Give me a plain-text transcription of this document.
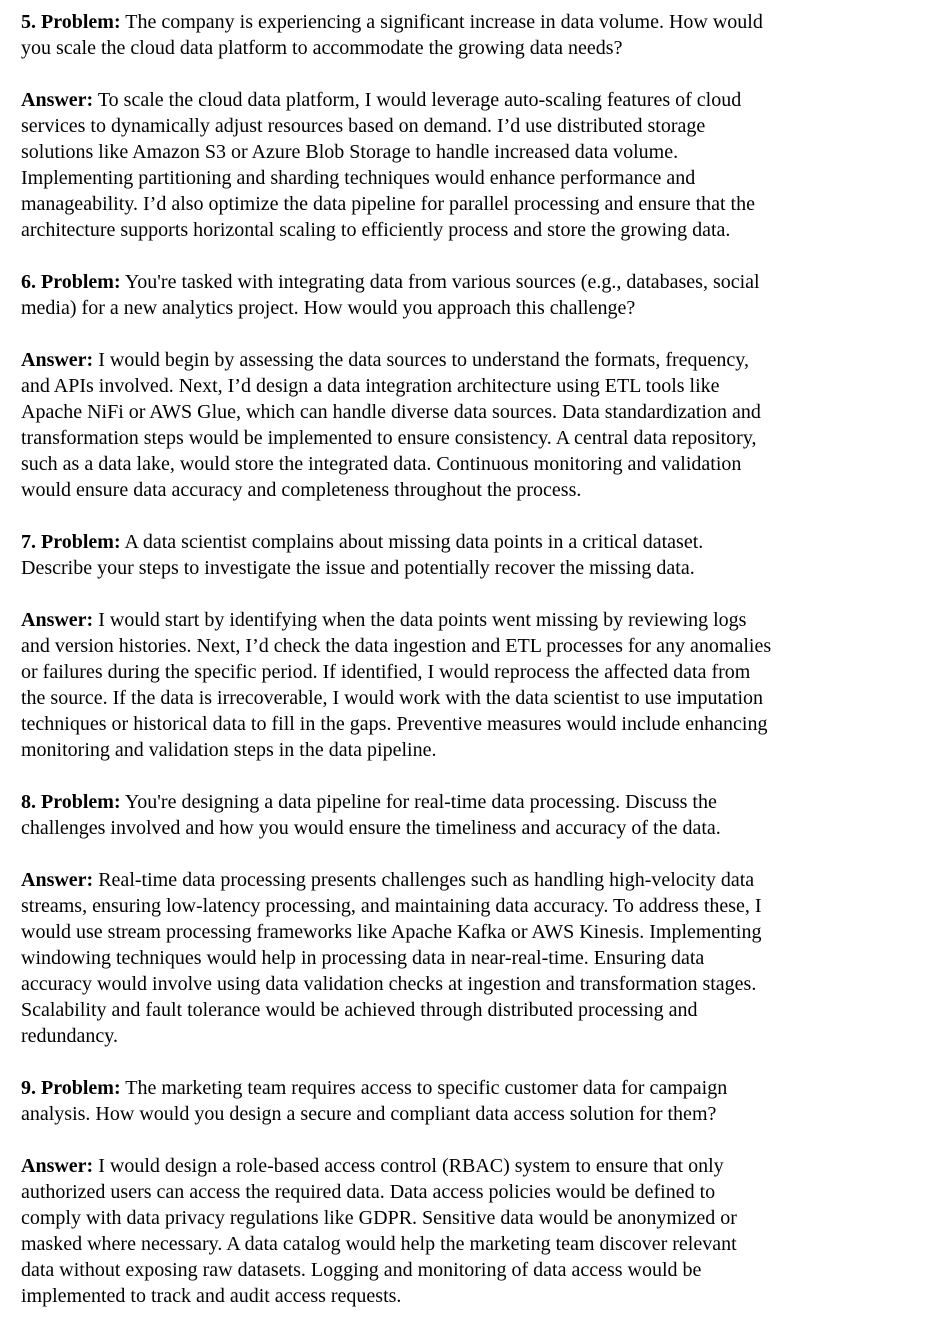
5. Problem: The company is experiencing a significant increase in data volume. How would
you scale the cloud data platform to accommodate the growing data needs?

Answer: To scale the cloud data platform, I would leverage auto-scaling features of cloud
services to dynamically adjust resources based on demand. I’d use distributed storage
solutions like Amazon S3 or Azure Blob Storage to handle increased data volume.
Implementing partitioning and sharding techniques would enhance performance and
manageability. I’d also optimize the data pipeline for parallel processing and ensure that the
architecture supports horizontal scaling to efficiently process and store the growing data.

6. Problem: You're tasked with integrating data from various sources (e.g., databases, social
media) for a new analytics project. How would you approach this challenge?

Answer: I would begin by assessing the data sources to understand the formats, frequency,
and APIs involved. Next, I’d design a data integration architecture using ETL tools like
Apache NiFi or AWS Glue, which can handle diverse data sources. Data standardization and
transformation steps would be implemented to ensure consistency. A central data repository,
such as a data lake, would store the integrated data. Continuous monitoring and validation
would ensure data accuracy and completeness throughout the process.

7. Problem: A data scientist complains about missing data points in a critical dataset.
Describe your steps to investigate the issue and potentially recover the missing data.

Answer: I would start by identifying when the data points went missing by reviewing logs
and version histories. Next, I’d check the data ingestion and ETL processes for any anomalies
or failures during the specific period. If identified, I would reprocess the affected data from
the source. If the data is irrecoverable, I would work with the data scientist to use imputation
techniques or historical data to fill in the gaps. Preventive measures would include enhancing
monitoring and validation steps in the data pipeline.

8. Problem: You're designing a data pipeline for real-time data processing. Discuss the
challenges involved and how you would ensure the timeliness and accuracy of the data.

Answer: Real-time data processing presents challenges such as handling high-velocity data
streams, ensuring low-latency processing, and maintaining data accuracy. To address these, I
would use stream processing frameworks like Apache Kafka or AWS Kinesis. Implementing
windowing techniques would help in processing data in near-real-time. Ensuring data
accuracy would involve using data validation checks at ingestion and transformation stages.
Scalability and fault tolerance would be achieved through distributed processing and
redundancy.

9. Problem: The marketing team requires access to specific customer data for campaign
analysis. How would you design a secure and compliant data access solution for them?

Answer: I would design a role-based access control (RBAC) system to ensure that only
authorized users can access the required data. Data access policies would be defined to
comply with data privacy regulations like GDPR. Sensitive data would be anonymized or
masked where necessary. A data catalog would help the marketing team discover relevant
data without exposing raw datasets. Logging and monitoring of data access would be
implemented to track and audit access requests.
